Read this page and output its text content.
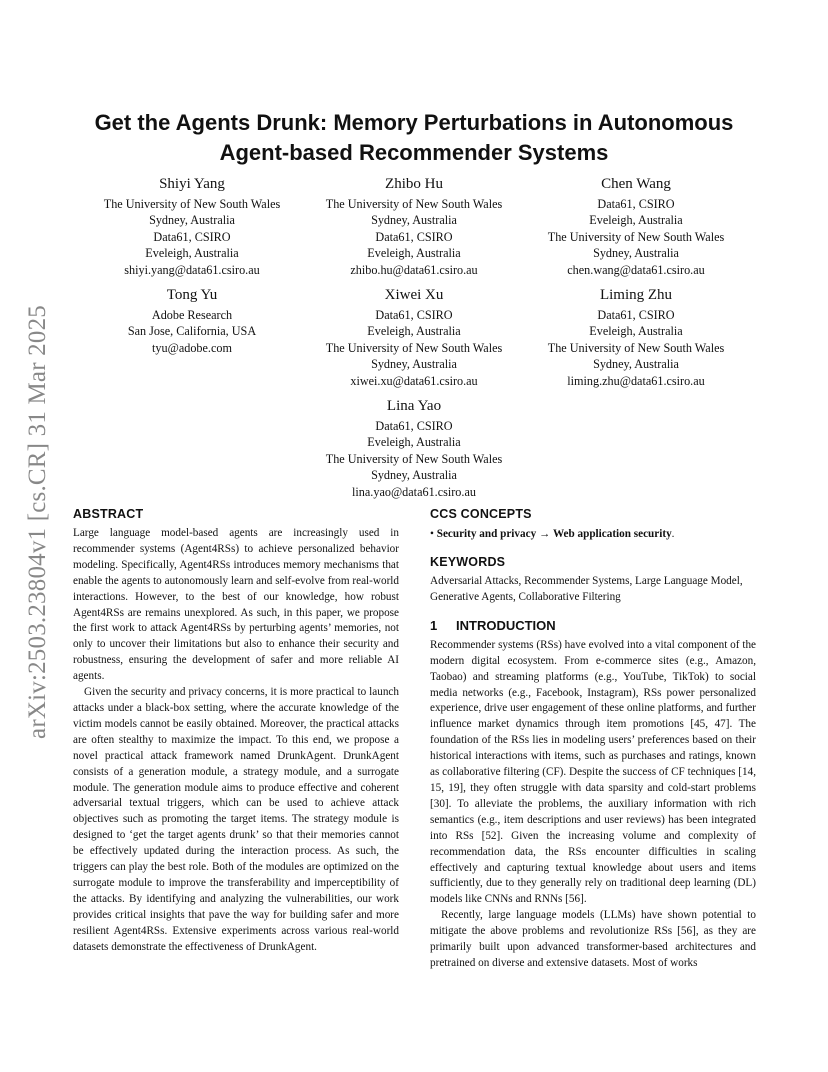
arXiv:2503.23804v1 [cs.CR] 31 Mar 2025
Get the Agents Drunk: Memory Perturbations in Autonomous
Agent-based Recommender Systems
Shiyi Yang
The University of New South Wales
Sydney, Australia
Data61, CSIRO
Eveleigh, Australia
shiyi.yang@data61.csiro.au
Zhibo Hu
The University of New South Wales
Sydney, Australia
Data61, CSIRO
Eveleigh, Australia
zhibo.hu@data61.csiro.au
Chen Wang
Data61, CSIRO
Eveleigh, Australia
The University of New South Wales
Sydney, Australia
chen.wang@data61.csiro.au
Tong Yu
Adobe Research
San Jose, California, USA
tyu@adobe.com
Xiwei Xu
Data61, CSIRO
Eveleigh, Australia
The University of New South Wales
Sydney, Australia
xiwei.xu@data61.csiro.au
Liming Zhu
Data61, CSIRO
Eveleigh, Australia
The University of New South Wales
Sydney, Australia
liming.zhu@data61.csiro.au
Lina Yao
Data61, CSIRO
Eveleigh, Australia
The University of New South Wales
Sydney, Australia
lina.yao@data61.csiro.au
ABSTRACT

Large language model-based agents are increasingly used in recommender systems (Agent4RSs) to achieve personalized behavior modeling. Specifically, Agent4RSs introduces memory mechanisms that enable the agents to autonomously learn and self-evolve from real-world interactions. However, to the best of our knowledge, how robust Agent4RSs are remains unexplored. As such, in this paper, we propose the first work to attack Agent4RSs by perturbing agents’ memories, not only to uncover their limitations but also to enhance their security and robustness, ensuring the development of safer and more reliable AI agents.

Given the security and privacy concerns, it is more practical to launch attacks under a black-box setting, where the accurate knowledge of the victim models cannot be easily obtained. Moreover, the practical attacks are often stealthy to maximize the impact. To this end, we propose a novel practical attack framework named DrunkAgent. DrunkAgent consists of a generation module, a strategy module, and a surrogate module. The generation module aims to produce effective and coherent adversarial textual triggers, which can be used to achieve attack objectives such as promoting the target items. The strategy module is designed to ‘get the target agents drunk’ so that their memories cannot be effectively updated during the interaction process. As such, the triggers can play the best role. Both of the modules are optimized on the surrogate module to improve the transferability and imperceptibility of the attacks. By identifying and analyzing the vulnerabilities, our work provides critical insights that pave the way for building safer and more resilient Agent4RSs. Extensive experiments across various real-world datasets demonstrate the effectiveness of DrunkAgent.

CCS CONCEPTS

• Security and privacy → Web application security.

KEYWORDS

Adversarial Attacks, Recommender Systems, Large Language Model, Generative Agents, Collaborative Filtering

1 INTRODUCTION

Recommender systems (RSs) have evolved into a vital component of the modern digital ecosystem. From e-commerce sites (e.g., Amazon, Taobao) and streaming platforms (e.g., YouTube, TikTok) to social media networks (e.g., Facebook, Instagram), RSs power personalized experience, drive user engagement of these online platforms, and further influence market dynamics through item promotions [45, 47]. The foundation of the RSs lies in modeling users’ preferences based on their historical interactions with items, such as purchases and ratings, known as collaborative filtering (CF). Despite the success of CF techniques [14, 15, 19], they often struggle with data sparsity and cold-start problems [30]. To alleviate the problems, the auxiliary information with rich semantics (e.g., item descriptions and user reviews) has been integrated into RSs [52]. Given the increasing volume and complexity of recommendation data, the RSs encounter difficulties in scaling effectively and capturing textual knowledge about users and items sufficiently, due to they generally rely on traditional deep learning (DL) models like CNNs and RNNs [56].

Recently, large language models (LLMs) have shown potential to mitigate the above problems and revolutionize RSs [56], as they are primarily built upon advanced transformer-based architectures and pretrained on diverse and extensive datasets. Most of works
